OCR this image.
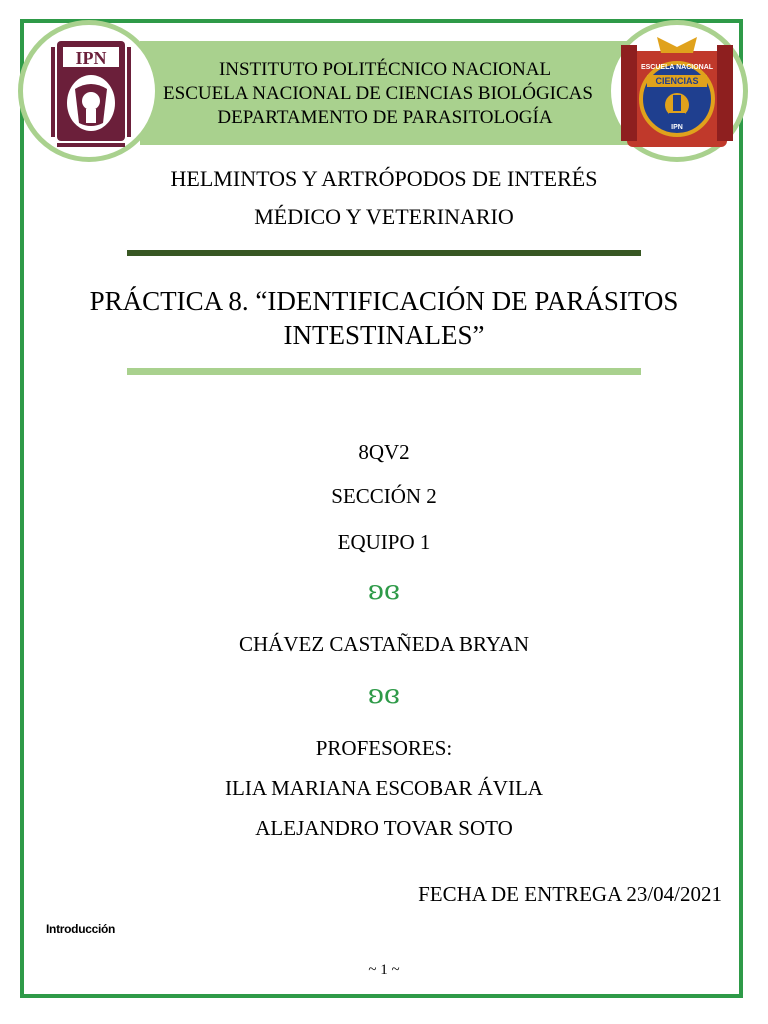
INSTITUTO POLITÉCNICO NACIONAL
ESCUELA NACIONAL DE CIENCIAS BIOLÓGICAS
DEPARTAMENTO DE PARASITOLOGÍA
IPN
CIENCIAS
ESCUELA NACIONAL
IPN
HELMINTOS Y ARTRÓPODOS DE INTERÉS
MÉDICO Y VETERINARIO
PRÁCTICA 8. “IDENTIFICACIÓN DE PARÁSITOS
INTESTINALES”
8QV2
SECCIÓN 2
EQUIPO 1
ʚɞ
CHÁVEZ CASTAÑEDA BRYAN
ʚɞ
PROFESORES:
ILIA MARIANA ESCOBAR ÁVILA
ALEJANDRO TOVAR SOTO
FECHA DE ENTREGA 23/04/2021
Introducción
~ 1 ~
